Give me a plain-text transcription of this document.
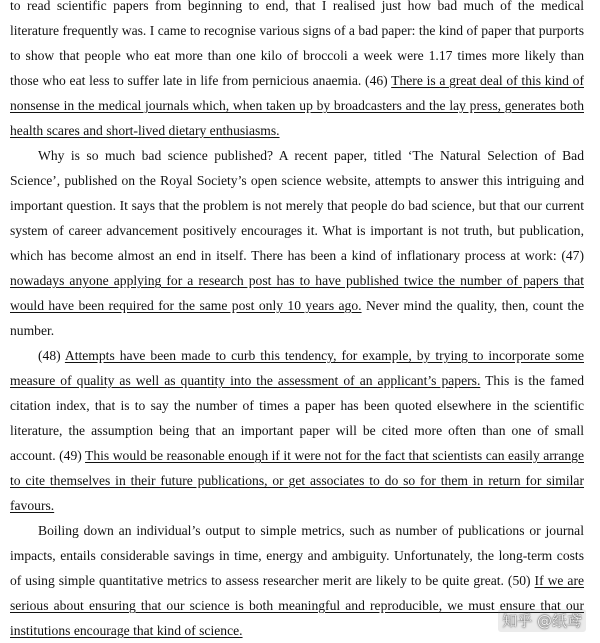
to read scientific papers from beginning to end, that I realised just how bad much of the medical literature frequently was. I came to recognise various signs of a bad paper: the kind of paper that purports to show that people who eat more than one kilo of broccoli a week were 1.17 times more likely than those who eat less to suffer late in life from pernicious anaemia. (46) There is a great deal of this kind of nonsense in the medical journals which, when taken up by broadcasters and the lay press, generates both health scares and short-lived dietary enthusiasms.

Why is so much bad science published? A recent paper, titled ‘The Natural Selection of Bad Science’, published on the Royal Society’s open science website, attempts to answer this intriguing and important question. It says that the problem is not merely that people do bad science, but that our current system of career advancement positively encourages it. What is important is not truth, but publication, which has become almost an end in itself. There has been a kind of inflationary process at work: (47) nowadays anyone applying for a research post has to have published twice the number of papers that would have been required for the same post only 10 years ago. Never mind the quality, then, count the number.

(48) Attempts have been made to curb this tendency, for example, by trying to incorporate some measure of quality as well as quantity into the assessment of an applicant’s papers. This is the famed citation index, that is to say the number of times a paper has been quoted elsewhere in the scientific literature, the assumption being that an important paper will be cited more often than one of small account. (49) This would be reasonable enough if it were not for the fact that scientists can easily arrange to cite themselves in their future publications, or get associates to do so for them in return for similar favours.

Boiling down an individual’s output to simple metrics, such as number of publications or journal impacts, entails considerable savings in time, energy and ambiguity. Unfortunately, the long-term costs of using simple quantitative metrics to assess researcher merit are likely to be quite great. (50) If we are serious about ensuring that our science is both meaningful and reproducible, we must ensure that our institutions encourage that kind of science.

知乎 @纸鸢
